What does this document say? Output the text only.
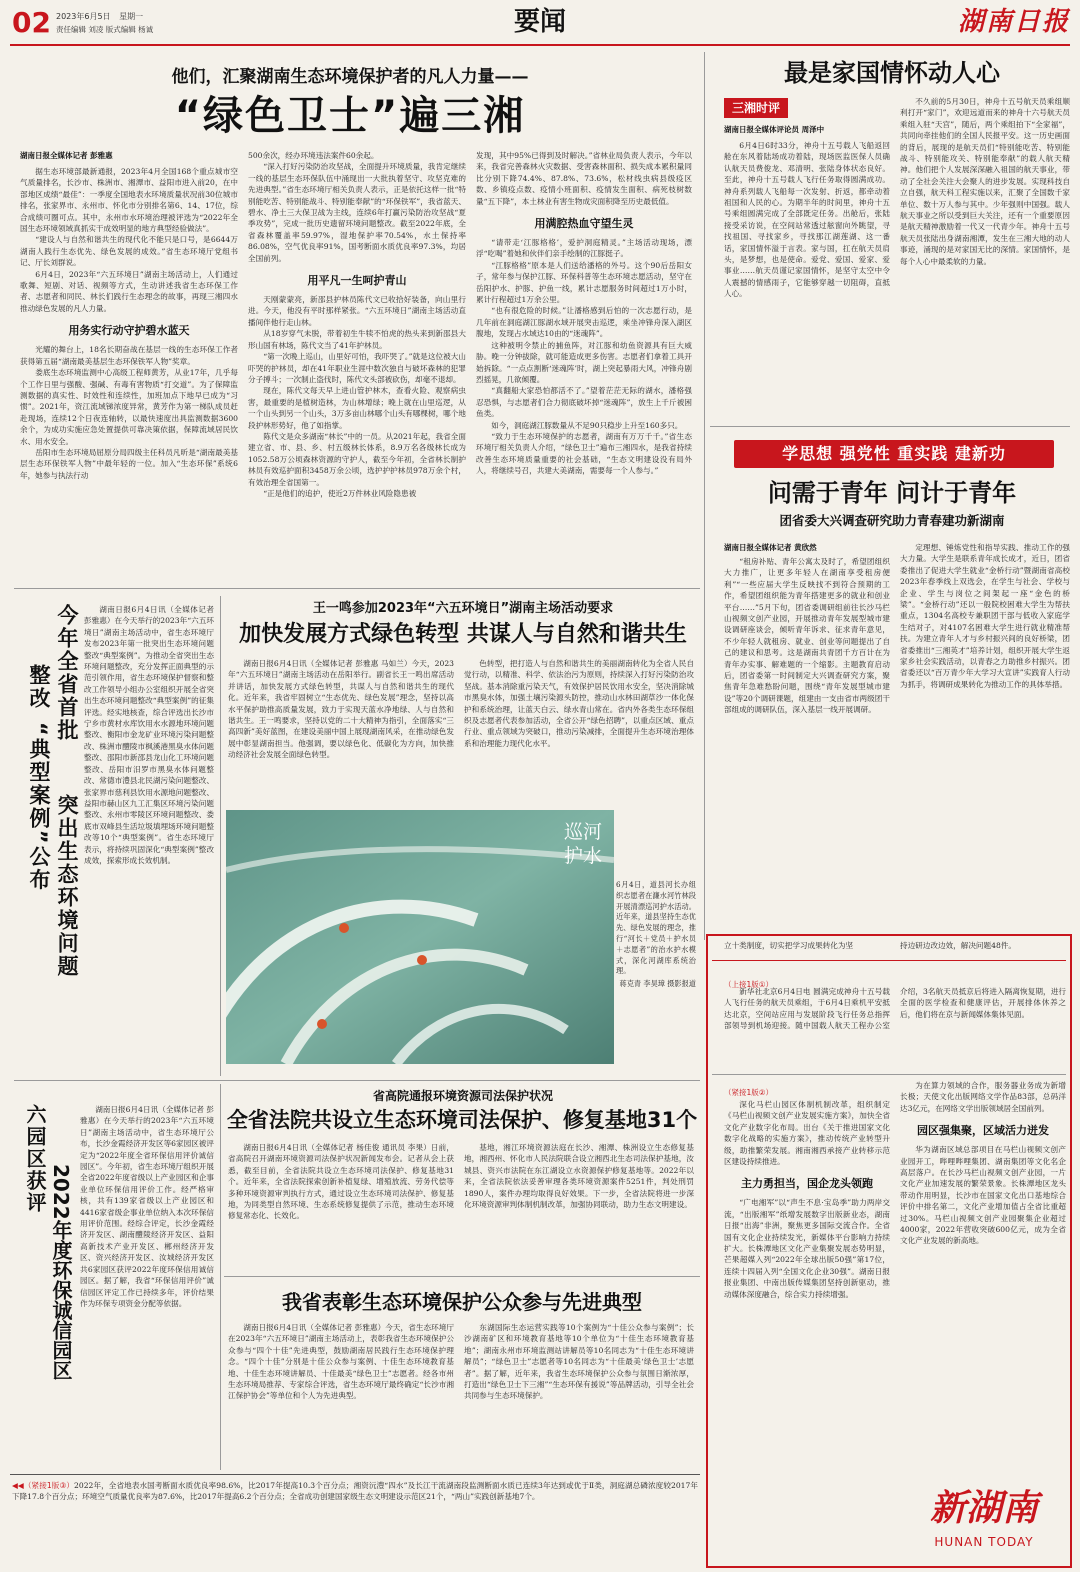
02 2023年6月5日 星期一
责任编辑 刘凌 版式编辑 杨诚	要闻	湖南日报
他们，汇聚湖南生态环境保护者的凡人力量——
“绿色卫士”遍三湘
湖南日报全媒体记者 彭雅惠

据生态环境部最新通报，2023年4月全国168个重点城市空气质量排名，长沙市、株洲市、湘潭市、益阳市进入前20，在中部地区成绩“最佳”：一季度全国地表水环境质量状况前30位城市排名，张家界市、永州市、怀化市分别排名第6、14、17位，综合成绩可圈可点。其中，永州市水环境治理被评选为“2022年全国生态环境领域真抓实干成效明显的地方典型经验做法”。

“建设人与自然和谐共生的现代化不能只是口号，是6644万湖南人践行生态优先、绿色发展的成效。”省生态环境厅党组书记、厅长刘群说。

6月4日，2023年“六五环境日”湖南主场活动上，人们通过歌舞、短剧、对话、视频等方式，生动讲述我省生态环保工作者、志愿者和同民、林长们践行生态理念的故事，再现三湘四水推动绿色发展的凡人力量。

用务实行动守护碧水蓝天

光耀的舞台上，18名长期奋战在基层一线的生态环保工作者获得第五届“湖南最美基层生态环保铁军人物”奖章。

娄底生态环境监测中心高级工程师黄芳，从业17年，几乎每个工作日里与强酸、强碱、有毒有害物质“打交道”。为了保障监测数据的真实性、时效性和连续性，加班加点下地早已成为“习惯”。2021年，资江流域锑浓度异常，黄芳作为第一梯队成员赶赴现场，连续12个日夜连轴转，以最快速度出具监测数据3600余个，为成功实施应急处置提供可靠决策依据，保障流域居民饮水、用水安全。

岳阳市生态环境局屈原分局四级主任科员凡昕是“湖南最美基层生态环保铁军人物”中最年轻的一位。加入“生态环保”系统6年，她参与执法行动

500余次，经办环境违法案件60余起。

“深入打好污染防治攻坚战，全面提升环境质量，我肯定继续一线的基层生态环保队伍中涌现出一大批执着坚守、攻坚克难的先进典型。”省生态环境厅相关负责人表示，正是依托这样一批“特别能吃苦、特别能战斗、特别能奉献”的“环保铁军”，我省蓝天、碧水、净土三大保卫战为主线，连续6年打赢污染防治攻坚战“夏季攻势”，完成一批历史遗留环境问题整改。截至2022年底，全省森林覆盖率59.97%，湿地保护率70.54%，水土保持率86.08%，空气优良率91%，国考断面水质优良率97.3%，均居全国前列。

用平凡一生呵护青山

天刚蒙蒙亮，新邵县护林员陈代文已收拾好装备，向山里行进。今天，他没有平时那样紧张。“六五环境日”湖南主场活动直播间伴他行走山林。

从18岁穿气未脱，带着初生牛犊不怕虎的热头来到新邵县大形山国有林场，陈代文当了41年护林员。

“第一次晚上巡山，山里好可怕，我吓哭了。”就是这位被大山吓哭的护林员，却在41年职业生涯中数次独自与破坏森林的犯罪分子搏斗；一次制止盗伐时，陈代文头部被砍伤，却毫不退却。

现在，陈代文每天早上进山管护林木，查看火险、观察病虫害，最重要的是植树造林，为山林增绿；晚上就在山里巡逻，从一个山头到另一个山头，3万多亩山林哪个山头有哪棵树，哪个地段护林形势好，他了如指掌。

陈代文是众多湖南“林长”中的一员。从2021年起，我省全面建立省、市、县、乡、村五级林长体系，8.9万名各级林长成为1052.58万公顷森林资源的守护人，截至今年初，全省林长制护林员有效巡护面积3458万余公顷，选护护护林员978万余个村，有效治理全省国第一。

“正是他们的追护，使近2万件林业风险隐患被

发现，其中95%已得到及时解决。”省林业局负责人表示，今年以来，我省完善森林火灾数据、受害森林面积、损失成本累积量同比分别下降74.4%、87.8%、73.6%，松材线虫病县级疫区数、乡镇疫点数、疫情小班面积、疫情发生面积、病死枝树数量“五下降”，本土林业有害生物成灾面积降至历史最低值。

用满腔热血守望生灵

“请带走‘江豚格格’，爱护洞庭精灵。”主场活动现场，漂浮“吃喝”着她和伙伴们亲手绘制的江豚挺子。

“江豚格格”原本是人们送给潘格的外号。这个90后岳阳女子，常年参与保护江豚、环保科普等生态环境志愿活动，坚守在岳阳护水、护豚、护鱼一线，累计志愿服务时间超过1万小时，累计行程超过1万余公里。

“也有很危险的时候。”让潘格感到后怕的一次志愿行动，是几年前在洞庭湖江豚湖水域开展突击巡逻，乘坐冲锋舟深入湖区腹地，发现占水域达10由的“迷魂阵”。

这种被明令禁止的捕鱼阵，对江豚和幼鱼资源具有巨大威胁。晚一分钟拔除，就可能造成更多伤害。志愿者们拿着工具开始拆除。“一点点割断‘迷魂阵’时，湖上突起暴雨大风，冲锋舟剧烈摇晃，几欲倾覆。

“真翻船大家恐怕都活不了。”望着茫茫无际的湖水，潘格强忍恐惧，与志愿者们合力彻底破坏掉“迷魂阵”，放生上千斤被困鱼类。

如今，洞庭湖江豚数量从不足90只稳步上升至160多只。

“致力于生态环境保护的志愿者，湖南有万万千千。”省生态环境厅相关负责人介绍，“绿色卫士”遍布三湘四水，是我省持续改善生态环境质量重要的社会基础，“生态文明建设没有局外人，将继续号召，共建大美湖南，需要每一个人参与。”

最是家国情怀动人心
三湘时评
湖南日报全媒体评论员 周泽中
6月4日6时33分，神舟十五号载人飞船返回舱在东风着陆场成功着陆，现场医监医保人员确认航天员费俊龙、邓清明、张陆身体状态良好。至此，神舟十五号载人飞行任务取得圆满成功。神舟系列载人飞船每一次发射、折返，都牵动着祖国和人民的心。为期半年的时间里，神舟十五号乘组圆满完成了全部既定任务。出舱后，张陆接受采访说，在空间站常透过舷窗向外眺望，寻找祖国、寻找家乡，寻找那江湖莲湖、这一番话，家国情怀溢于言表。家与国，扛在航天员肩头，是梦想，也是使命。爱党、爱国、爱家、爱事业……航天员谨记家国情怀，是坚守太空中令人震撼的情感雨子，它能够穿越一切阻碍，直抵人心。
不久前的5月30日，神舟十五号航天员乘组顺利打开“家门”，欢迎远道而来的神舟十六号航天员乘组入驻“天宫”，随后，两个乘组拍下“全家福”，共同向牵挂他们的全国人民报平安。这一历史画面的背后，展现的是航天员们“特别能吃苦、特别能战斗、特别能攻关、特别能奉献”的载人航天精神。他们把个人发展深深融入祖国的航天事业，带动了全社会关注大会聚人的进步发展。实现科技自立自强，航天科工程实施以来，汇聚了全国数千家单位、数十万人参与其中。少年强则中国强。载人航天事业之所以受到巨大关注，还有一个重要原因是航天精神激励着一代又一代青少年。神舟十五号航天员张陆出身湖南湘潭，发生在三湘大地的动人事迹，涌现的是对家国无比的深情。家国情怀，是每个人心中最柔软的力量。
学思想 强党性 重实践 建新功
问需于青年 问计于青年
团省委大兴调查研究助力青春建功新湖南
湖南日报全媒体记者 黄欣然
“租房补贴、青年公寓太及时了，希望团组织大力推广，让更多年轻人在湖南享受租房便利”“一些应届大学生反映找不到符合预期的工作，希望团组织能为青年搭建更多的就业和创业平台……”5月下旬，团省委调研组前往长沙马栏山视频文创产业园，开展推动青年发展型城市建设调研座谈会，倾听青年诉求、征求青年意见，不少年轻人就租房、就业、创业等问题提出了自己的建议和思考。这是湖南共青团千方百计在为青年办实事、解难题的一个缩影。主题教育启动后，团省委第一时间制定大兴调查研究方案，聚焦青年急难愁盼问题，围绕“青年发展型城市建设”等20个调研课题，组建由一支由省市两级团干部组成的调研队伍，深入基层一线开展调研。
定理想、锤炼党性和指导实践、推动工作的强大力量。大学生是联系青年成长成才，近日，团省委推出了促进大学生就业“金桥行动”暨湖南省高校2023年春季线上双选会，在学生与社会、学校与企业、学生与岗位之间架起一座“金色的桥梁”。“金桥行动”还以一般院校困难大学生为帮扶重点，1304名高校专兼职团干部与低收入家庭学生结对子，对4107名困难大学生进行就业精准帮扶。为建立青年人才与乡村振兴间的良好桥梁，团省委推出“三湘英才”培养计划，组织开展大学生返家乡社会实践活动，以青春之力助推乡村振兴。团省委还以“百万青少年大学习大宣讲”实践育人行动为抓手，将调研成果转化为推动工作的具体举措。
立十类制度，切实把学习成果转化为坚	持边研边改边效，解决问题48件。
（上接1版①）
新华社北京6月4日电 圆满完成神舟十五号载人飞行任务的航天员乘组，于6月4日乘机平安抵达北京，空间站应用与发展阶段飞行任务总指挥部领导到机场迎接。随中国载人航天工程办公室介绍，3名航天员抵京后将进入隔离恢复期，进行全面的医学检查和健康评估，开展排体休养之后，他们将在京与新闻媒体集体见面。
（紧接1版②）

深化马栏山园区体制机制改革，组织制定《马栏山视频文创产业发展实施方案》，加快全省文化产业数字化布局。出台《关于推进国家文化数字化战略的实施方案》，推动传统产业转型升级，助推繁荣发展。湘南湘西承接产业转移示范区建设持续推进。

主力勇担当，国企龙头领跑

“广电湘军”以“声生不息·宝岛季”助力两岸交流，“出版湘军”纸增发展数字出版新业态，湖南日报“出海”非洲，聚焦更多国际交流合作。全省国有文化企业持续发光，新媒体平台影响力持续扩大。长株潭地区文化产业集聚发展态势明显，芒果超媒入列“2022年全球出版50强”第17位，连续十四届入列“全国文化企业30强”。湖南日报报业集团、中南出版传媒集团坚持创新驱动，推动媒体深度融合，综合实力持续增强。

为在算力领域的合作，服务器业务成为新增长极；天使文化出版网络文学作品83部，总码洋达3亿元，在网络文学出版领域居全国前列。

园区强集聚，区域活力迸发

华为湖南区域总部项目在马栏山视频文创产业园开工，哔哩哔哩集团、湖南集团等文化名企高层落户。在长沙马栏山视频文创产业园，一片文化产业加速发展的繁荣景象。长株潭地区龙头带动作用明显，长沙市在国家文化出口基地综合评价中排名第二，文化产业增加值占全省比重超过30%。马栏山视频文创产业园聚集企业超过4000家，2022年营收突破600亿元，成为全省文化产业发展的新高地。

新湖南
HUNAN TODAY
今年全省首批
整改
突出生态环境问题
“典型案例”公布
湖南日报6月4日讯（全媒体记者 彭雅惠）在今天举行的2023年“六五环境日”湖南主场活动中，省生态环境厅发布2023年第一批突出生态环境问题整改“典型案例”。为推动全省突出生态环境问题整改，充分发挥正面典型的示范引领作用，省生态环境保护督察和整改工作领导小组办公室组织开展全省突出生态环境问题整改“典型案例”的征集评选。经实地核查，综合评选出长沙市宁乡市黄材水库饮用水水源地环境问题整改、衡阳市金龙矿业环境污染问题整改、株洲市醴陵市枫溪港黑臭水体问题整改、邵阳市新邵县龙山化工环境问题整改、岳阳市汨罗市黑臭水体问题整改、常德市澧县北民湖污染问题整改、张家界市慈利县饮用水源地问题整改、益阳市赫山区九工汇集区环境污染问题整改、永州市零陵区环境问题整改、娄底市双峰县生活垃圾填埋场环境问题整改等10个“典型案例”。省生态环境厅表示，将持续巩固深化“典型案例”整改成效，探索形成长效机制。
王一鸣参加2023年“六五环境日”湖南主场活动要求
加快发展方式绿色转型 共谋人与自然和谐共生
湖南日报6月4日讯（全媒体记者 彭雅惠 马如兰）今天，2023年“六五环境日”湖南主场活动在岳阳举行。副省长王一鸣出席活动并讲话，加快发展方式绿色转型，共谋人与自然和谐共生的现代化。近年来，我省牢固树立“生态优先、绿色发展”理念，坚持以高水平保护助推高质量发展，致力于实现天蓝水净地绿、人与自然和谐共生。王一鸣要求，坚持以党的二十大精神为指引，全面落实“三高四新”美好蓝图，在建设美丽中国上展现湖南风采，在推动绿色发展中彰显湖南担当。他强调，要以绿色化、低碳化为方向，加快推动经济社会发展全面绿色转型。
色转型，把打造人与自然和谐共生的美丽湖南转化为全省人民自觉行动，以精准、科学、依法治污为原则，持续深入打好污染防治攻坚战。基本消除重污染天气，有效保护居民饮用水安全，坚决消除城市黑臭水体，加强土壤污染源头防控，推动山水林田湖草沙一体化保护和系统治理，让蓝天白云、绿水青山常在。省内外各类生态环保组织及志愿者代表参加活动，全省公开“绿色招聘”，以重点区域、重点行业、重点领域为突破口，推动污染减排，全面提升生态环境治理体系和治理能力现代化水平。
巡河护水

6月4日，道县河长办组织志愿者在濂水河竹林段开展清漂巡河护水活动。近年来，道县坚持生态优先、绿色发展的理念，推行“河长＋党员＋护水员＋志愿者”的治水护水模式，深化河湖库系统治理。

蒋克青 李昊璋 摄影报道

省高院通报环境资源司法保护状况
全省法院共设立生态环境司法保护、修复基地31个
湖南日报6月4日讯（全媒体记者 杨佳俊 通讯员 李果）日前，省高院召开湖南环境资源司法保护状况新闻发布会。记者从会上获悉，截至目前，全省法院共设立生态环境司法保护、修复基地31个。近年来，全省法院探索创新补植复绿、增殖放流、劳务代偿等多种环境资源审判执行方式，通过设立生态环境司法保护、修复基地，为同类型自然环境、生态系统修复提供了示范，推动生态环境修复常态化、长效化。
基地，湘江环境资源法庭在长沙、湘潭、株洲设立生态修复基地，湘西州、怀化市人民法院联合设立湘西北生态司法保护基地，汝城县、资兴市法院在东江湖设立水资源保护修复基地等。2022年以来，全省法院依法妥善审理各类环境资源案件5251件，判处刑罚1890人，案件办理均取得良好效果。下一步，全省法院将进一步深化环境资源审判体制机制改革，加强协同联动，助力生态文明建设。
我省表彰生态环境保护公众参与先进典型
湖南日报6月4日讯（全媒体记者 彭雅惠）今天，省生态环境厅在2023年“六五环境日”湖南主场活动上，表彰我省生态环境保护公众参与“四个十佳”先进典型，鼓励湖南居民践行生态环境保护理念。“四个十佳”分别是十佳公众参与案例、十佳生态环境教育基地、十佳生态环境讲解员、十佳最美“绿色卫士”志愿者。经各市州生态环境局推荐、专家综合评选，省生态环境厅最终确定“长沙市湘江保护协会”等单位和个人为先进典型。
东湖国际生态运营实践等10个案例为“十佳公众参与案例”；长沙湖南矿区和环境教育基地等10个单位为“十佳生态环境教育基地”；湖南永州市环境监测站讲解员等10名同志为“十佳生态环境讲解员”；“绿色卫士”志愿者等10名同志为“十佳最美‘绿色卫士’志愿者”。据了解，近年来，我省生态环境保护公众参与氛围日渐浓厚，打造出“绿色卫士下三湘”“生态环保有援说”等品牌活动，引导全社会共同参与生态环境保护。
六园区获评
2022年度环保诚信园区
湖南日报6月4日讯（全媒体记者 彭雅惠）在今天举行的2023年“六五环境日”湖南主场活动中，省生态环境厅公布，长沙金霞经济开发区等6家园区被评定为“2022年度全省环保信用评价诚信园区”。今年初，省生态环境厅组织开展全省2022年度省级以上产业园区和企事业单位环保信用评价工作。经严格审核，共有139家省级以上产业园区和4416家省级企事业单位纳入本次环保信用评价范围。经综合评定，长沙金霞经济开发区、湖南醴陵经济开发区、益阳高新技术产业开发区、郴州经济开发区、资兴经济开发区、汝城经济开发区共6家园区获评2022年度环保信用诚信园区。据了解，我省“环保信用评价”诚信园区评定工作已持续多年，评价结果作为环保专项资金分配等依据。

◀◀（紧接1版③）2022年，全省地表水国考断面水质优良率98.6%，比2017年提高10.3个百分点；湘资沅澧“四水”及长江干流湖南段监测断面水质已连续3年达到或优于Ⅱ类，洞庭湖总磷浓度较2017年下降17.8个百分点；环境空气质量优良率为87.6%，比2017年提高6.2个百分点；全省成功创建国家级生态文明建设示范区21个，“两山”实践创新基地7个。
